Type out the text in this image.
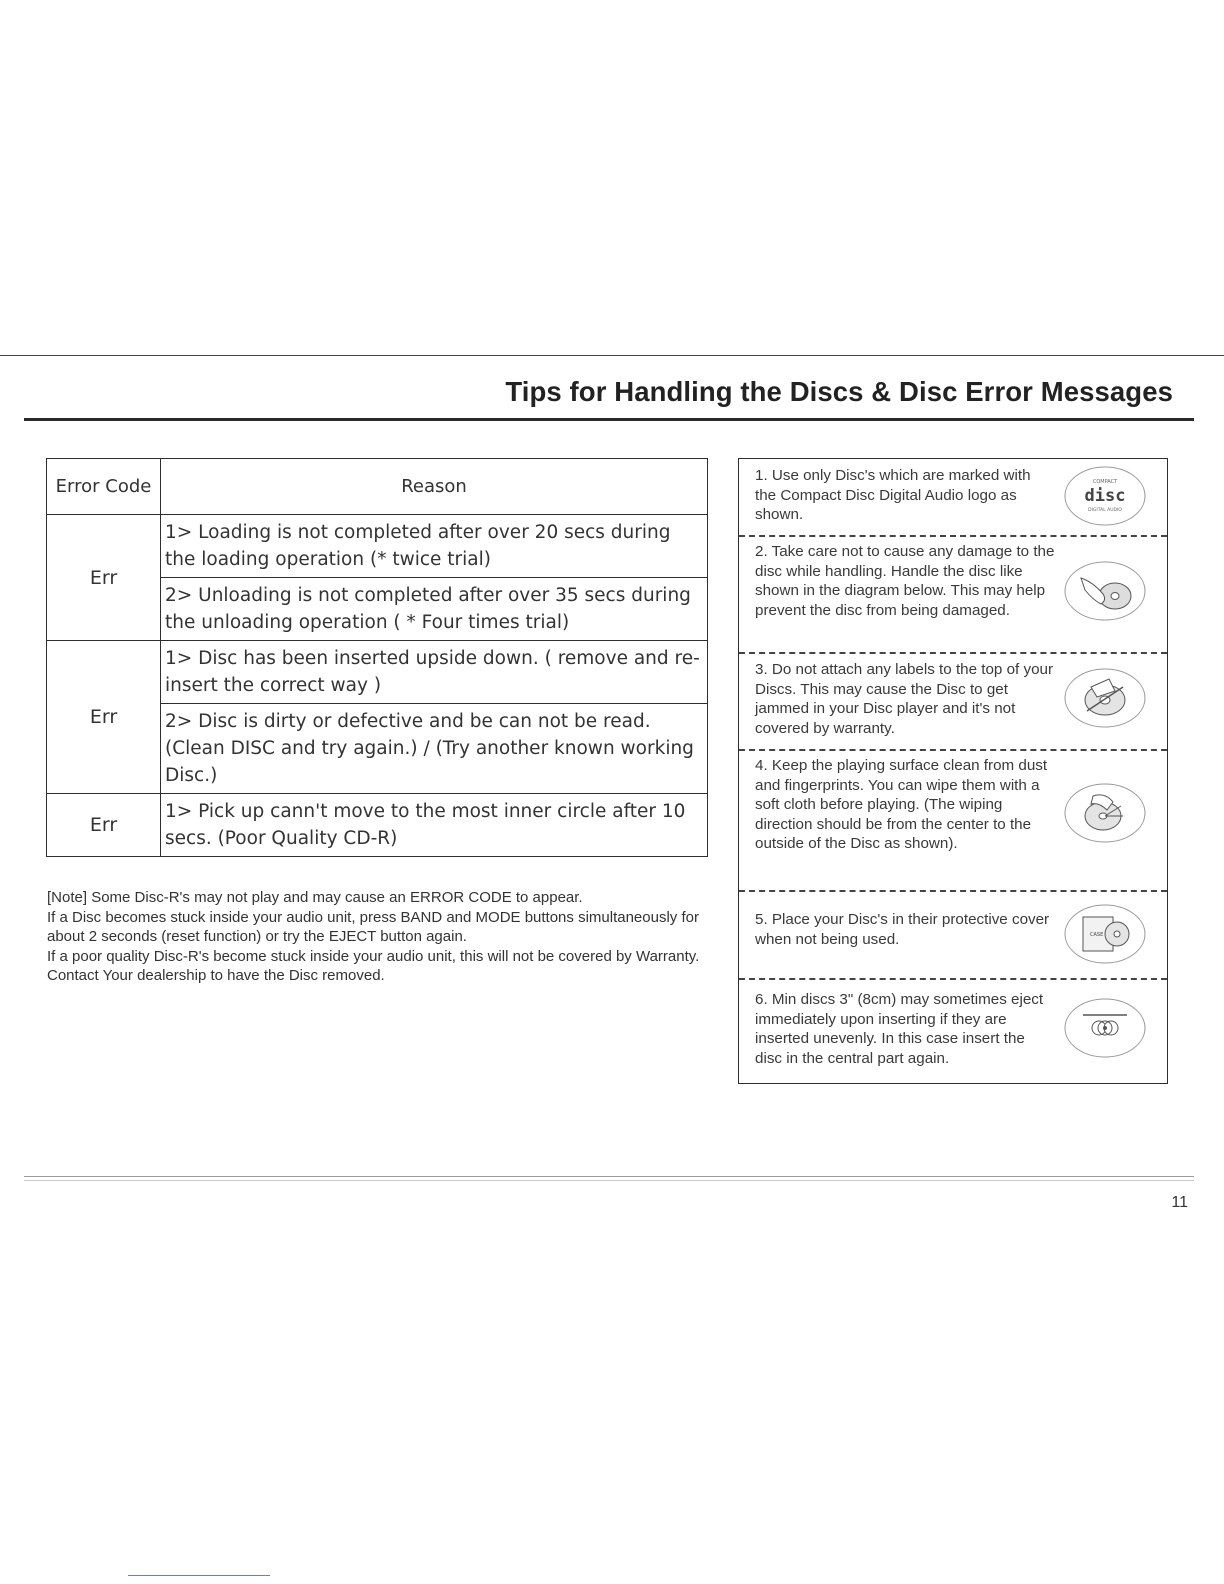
Tips for Handling the Discs & Disc Error Messages
Error Code	Reason
Err	1> Loading is not completed after over 20 secs during the loading operation (* twice trial)
	2> Unloading is not completed after over 35 secs during the unloading operation ( * Four times trial)
Err	1> Disc has been inserted upside down. ( remove and re-insert the correct way )
	2> Disc is dirty or defective and be can not be read. (Clean DISC and try again.) / (Try another known working Disc.)
Err	1> Pick up cann't move to the most inner circle after 10 secs. (Poor Quality CD-R)
[Note] Some Disc-R's may not play and may cause an ERROR CODE to appear.
If a Disc becomes stuck inside your audio unit, press BAND and MODE buttons simultaneously for about 2 seconds (reset function) or try the EJECT button again.
If a poor quality Disc-R's become stuck inside your audio unit, this will not be covered by Warranty. Contact Your dealership to have the Disc removed.
1. Use only Disc's which are marked with the Compact Disc Digital Audio logo as shown.
COMPACT
disc
DIGITAL AUDIO
2. Take care not to cause any damage to the disc while handling. Handle the disc like shown in the diagram below. This may help prevent the disc from being damaged.
3. Do not attach any labels to the top of your Discs. This may cause the Disc to get jammed in your Disc player and it's not covered by warranty.
4. Keep the playing surface clean from dust and fingerprints. You can wipe them with a soft cloth before playing. (The wiping direction should be from the center to the outside of the Disc as shown).
5. Place your Disc's in their protective cover when not being used.	CASE
6. Min discs 3" (8cm) may sometimes eject immediately upon inserting if they are inserted unevenly. In this case insert the disc in the central part again.
11
